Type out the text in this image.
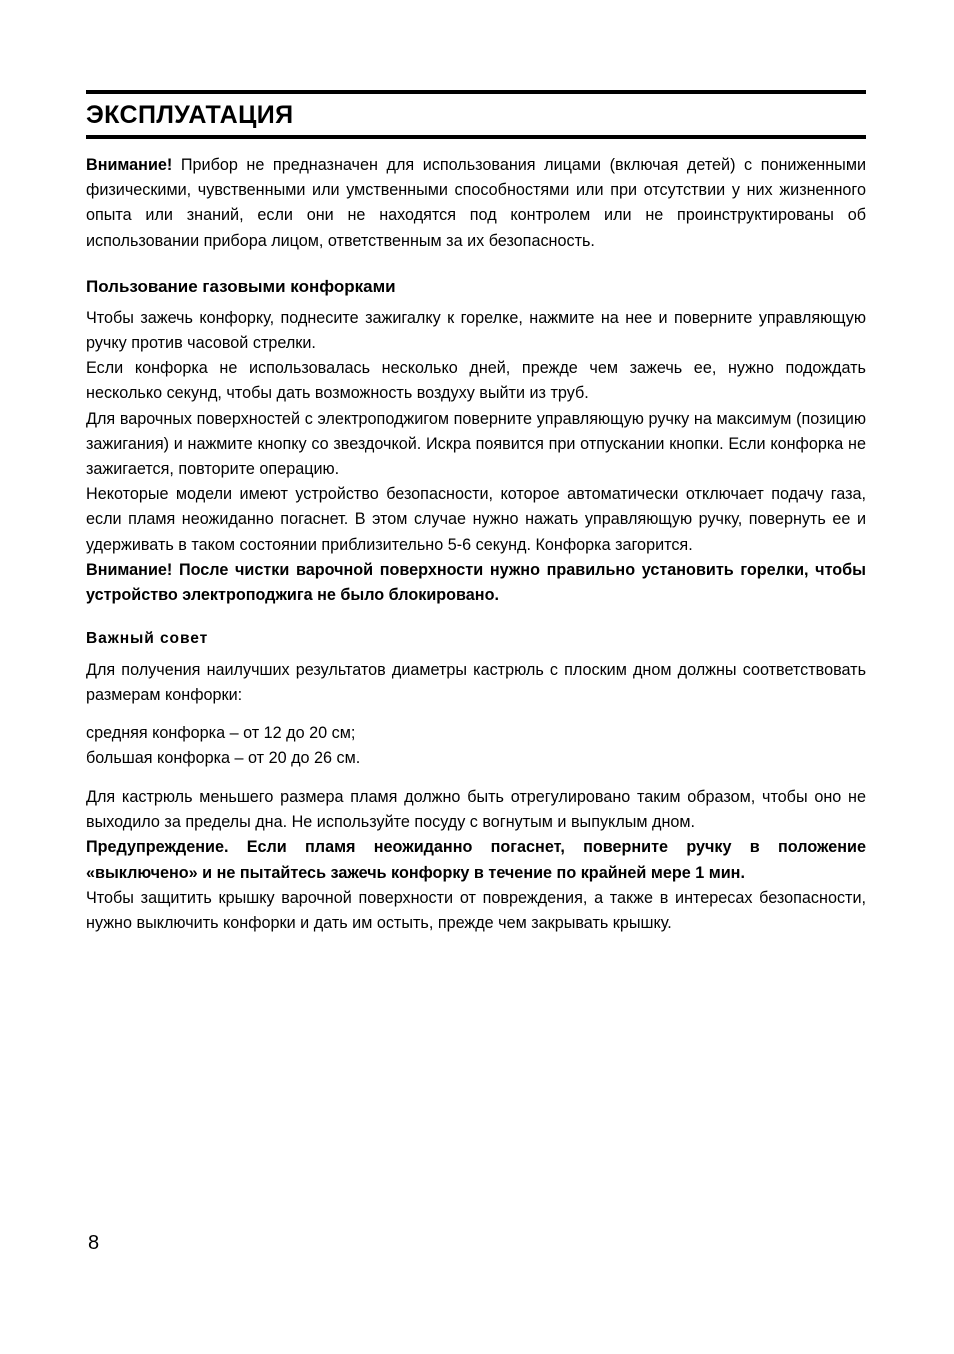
ЭКСПЛУАТАЦИЯ

Внимание! Прибор не предназначен для использования лицами (включая детей) с пониженными физическими, чувственными или умственными способностями или при отсутствии у них жизненного опыта или знаний, если они не находятся под контролем или не проинструктированы об использовании прибора лицом, ответственным за их безопасность.

Пользование газовыми конфорками

Чтобы зажечь конфорку, поднесите зажигалку к горелке, нажмите на нее и поверните управляющую ручку против часовой стрелки.

Если конфорка не использовалась несколько дней, прежде чем зажечь ее, нужно подождать несколько секунд, чтобы дать возможность воздуху выйти из труб.

Для варочных поверхностей с электроподжигом поверните управляющую ручку на максимум (позицию зажигания) и нажмите кнопку со звездочкой. Искра появится при отпускании кнопки. Если конфорка не зажигается, повторите операцию.

Некоторые модели имеют устройство безопасности, которое автоматически отключает подачу газа, если пламя неожиданно погаснет. В этом случае нужно нажать управляющую ручку, повернуть ее и удерживать в таком состоянии приблизительно 5-6 секунд. Конфорка загорится.

Внимание! После чистки варочной поверхности нужно правильно установить горелки, чтобы устройство электроподжига не было блокировано.

Важный совет

Для получения наилучших результатов диаметры кастрюль с плоским дном должны соответствовать размерам конфорки:

средняя конфорка – от 12 до 20 см;
большая конфорка – от 20 до 26 см.

Для кастрюль меньшего размера пламя должно быть отрегулировано таким образом, чтобы оно не выходило за пределы дна. Не используйте посуду с вогнутым и выпуклым дном.

Предупреждение. Если пламя неожиданно погаснет, поверните ручку в положение «выключено» и не пытайтесь зажечь конфорку в течение по крайней мере 1 мин.

Чтобы защитить крышку варочной поверхности от повреждения, а также в интересах безопасности, нужно выключить конфорки и дать им остыть, прежде чем закрывать крышку.

8
